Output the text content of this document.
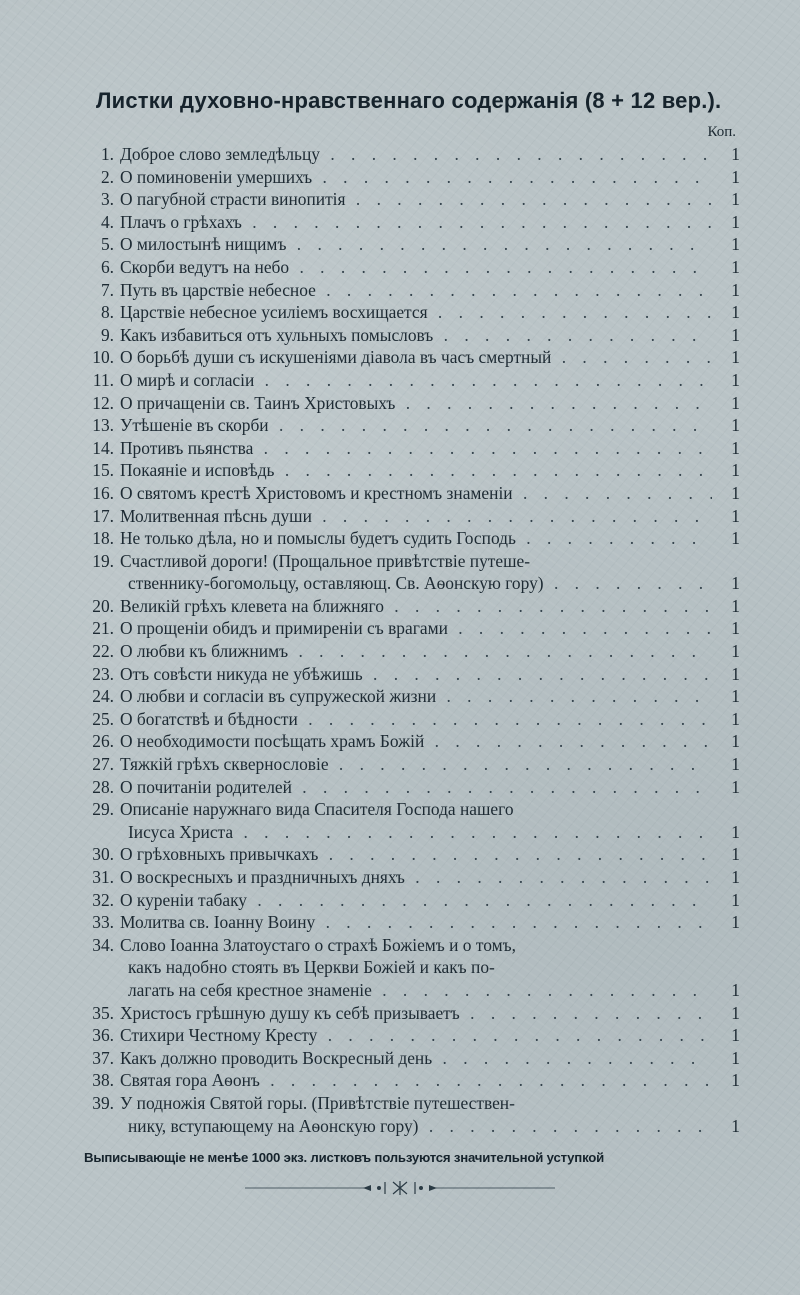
Листки духовно-нравственнаго содержанія (8 + 12 вер.).
Коп.
1. Доброе слово земледѣльцу . . .	1
2. О поминовеніи умершихъ . . .	1
3. О пагубной страсти винопитія . . .	1
4. Плачъ о грѣхахъ . . .	1
5. О милостынѣ нищимъ . . .	1
6. Скорби ведутъ на небо . . .	1
7. Путь въ царствіе небесное . . .	1
8. Царствіе небесное усиліемъ восхищается . . .	1
9. Какъ избавиться отъ хульныхъ помысловъ . . .	1
10. О борьбѣ души съ искушеніями діавола въ часъ смертный . . .	1
11. О мирѣ и согласіи . . .	1
12. О причащеніи св. Таинъ Христовыхъ . . .	1
13. Утѣшеніе въ скорби . . .	1
14. Противъ пьянства . . .	1
15. Покаяніе и исповѣдь . . .	1
16. О святомъ крестѣ Христовомъ и крестномъ знаменіи . . .	1
17. Молитвенная пѣснь души . . .	1
18. Не только дѣла, но и помыслы будетъ судить Господь . . .	1
19. Счастливой дороги! (Прощальное привѣтствіе путеше-
ственнику-богомольцу, оставляющ. Св. Аѳонскую гору) . . .	1
20. Великій грѣхъ клевета на ближняго . . .	1
21. О прощеніи обидъ и примиреніи съ врагами . . .	1
22. О любви къ ближнимъ . . .	1
23. Отъ совѣсти никуда не убѣжишь . . .	1
24. О любви и согласіи въ супружеской жизни . . .	1
25. О богатствѣ и бѣдности . . .	1
26. О необходимости посѣщать храмъ Божій . . .	1
27. Тяжкій грѣхъ сквернословіе . . .	1
28. О почитаніи родителей . . .	1
29. Описаніе наружнаго вида Спасителя Господа нашего
Іисуса Христа . . .	1
30. О грѣховныхъ привычкахъ . . .	1
31. О воскресныхъ и праздничныхъ дняхъ . . .	1
32. О куреніи табаку . . .	1
33. Молитва св. Іоанну Воину . . .	1
34. Слово Іоанна Златоустаго о страхѣ Божіемъ и о томъ,
какъ надобно стоять въ Церкви Божіей и какъ по-
лагать на себя крестное знаменіе . . .	1
35. Христосъ грѣшную душу къ себѣ призываетъ . . .	1
36. Стихири Честному Кресту . . .	1
37. Какъ должно проводить Воскресный день . . .	1
38. Святая гора Аѳонъ . . .	1
39. У подножія Святой горы. (Привѣтствіе путешествен-
нику, вступающему на Аѳонскую гору) . . .	1
Выписывающіе не менѣе 1000 экз. листковъ пользуются значительной уступкой
